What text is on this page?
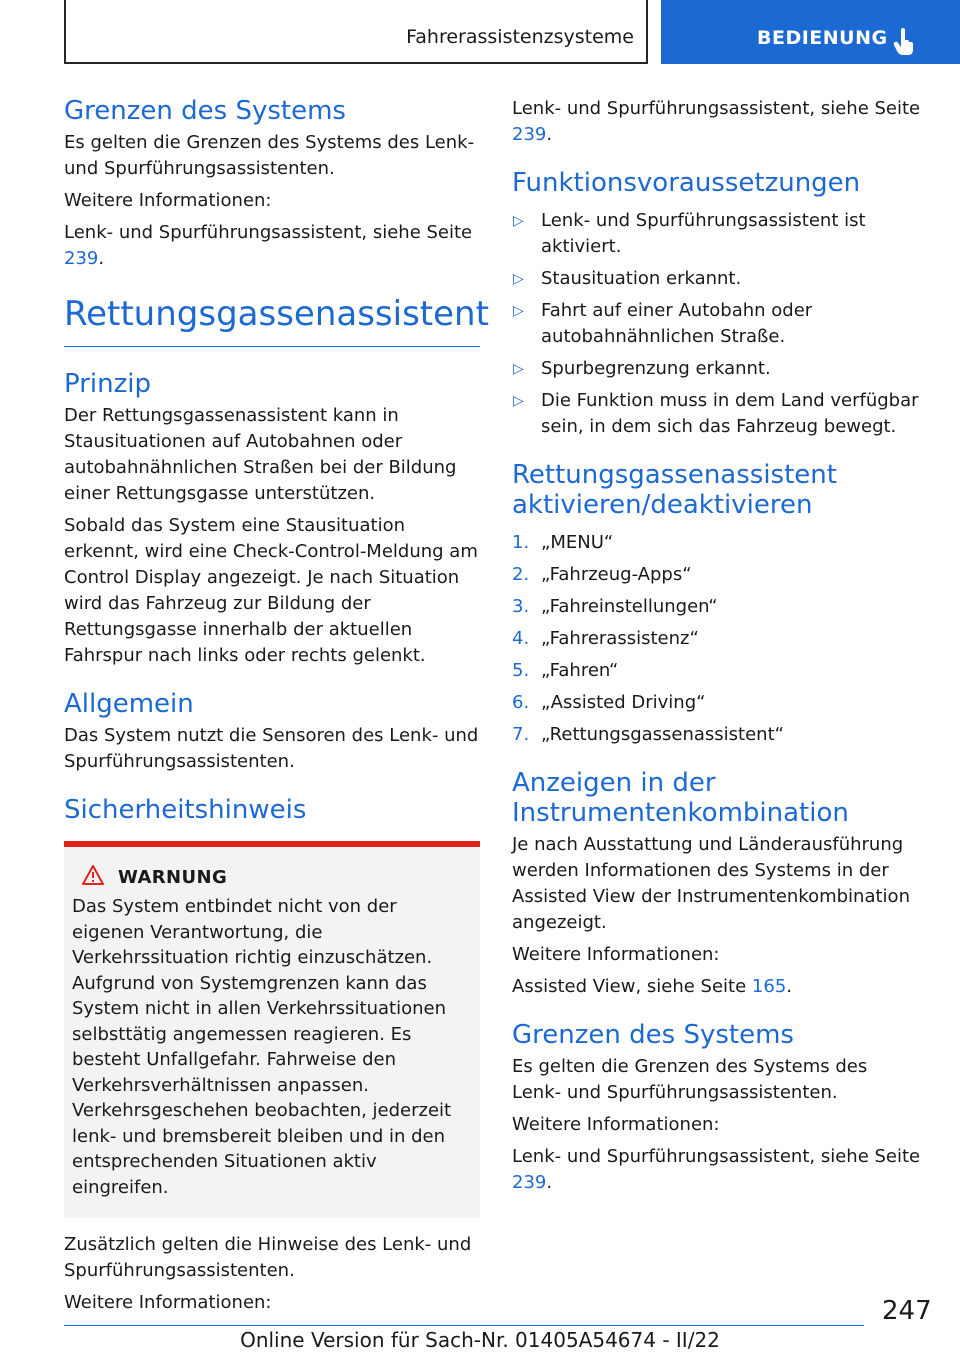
Fahrerassistenzsysteme	BEDIENUNG
Grenzen des Systems

Es gelten die Grenzen des Systems des Lenk- und Spurführungsassistenten.

Weitere Informationen:

Lenk- und Spurführungsassistent, siehe Seite 239.

Rettungsgassenassistent
Prinzip

Der Rettungsgassenassistent kann in Stausituationen auf Autobahnen oder autobahnähnlichen Straßen bei der Bildung einer Rettungsgasse unterstützen.

Sobald das System eine Stausituation erkennt, wird eine Check-Control-Meldung am Control Display angezeigt. Je nach Situation wird das Fahrzeug zur Bildung der Rettungsgasse innerhalb der aktuellen Fahrspur nach links oder rechts gelenkt.

Allgemein

Das System nutzt die Sensoren des Lenk- und Spurführungsassistenten.

Sicherheitshinweis
WARNUNG

Das System entbindet nicht von der eigenen Verantwortung, die Verkehrssituation richtig einzuschätzen. Aufgrund von Systemgrenzen kann das System nicht in allen Verkehrssituationen selbsttätig angemessen reagieren. Es besteht Unfallgefahr. Fahrweise den Verkehrsverhältnissen anpassen. Verkehrsgeschehen beobachten, jederzeit lenk- und bremsbereit bleiben und in den entsprechenden Situationen aktiv eingreifen.

Zusätzlich gelten die Hinweise des Lenk- und Spurführungsassistenten.

Weitere Informationen:

Lenk- und Spurführungsassistent, siehe Seite 239.

Funktionsvoraussetzungen
▷ Lenk- und Spurführungsassistent ist aktiviert.
▷ Stausituation erkannt.
▷ Fahrt auf einer Autobahn oder autobahnähnlichen Straße.
▷ Spurbegrenzung erkannt.
▷ Die Funktion muss in dem Land verfügbar sein, in dem sich das Fahrzeug bewegt.
Rettungsgassenassistent aktivieren/deaktivieren
1. „MENU“
2. „Fahrzeug-Apps“
3. „Fahreinstellungen“
4. „Fahrerassistenz“
5. „Fahren“
6. „Assisted Driving“
7. „Rettungsgassenassistent“
Anzeigen in der Instrumentenkombination

Je nach Ausstattung und Länderausführung werden Informationen des Systems in der Assisted View der Instrumentenkombination angezeigt.

Weitere Informationen:

Assisted View, siehe Seite 165.

Grenzen des Systems

Es gelten die Grenzen des Systems des Lenk- und Spurführungsassistenten.

Weitere Informationen:

Lenk- und Spurführungsassistent, siehe Seite 239.

247
Online Version für Sach-Nr. 01405A54674 - II/22
